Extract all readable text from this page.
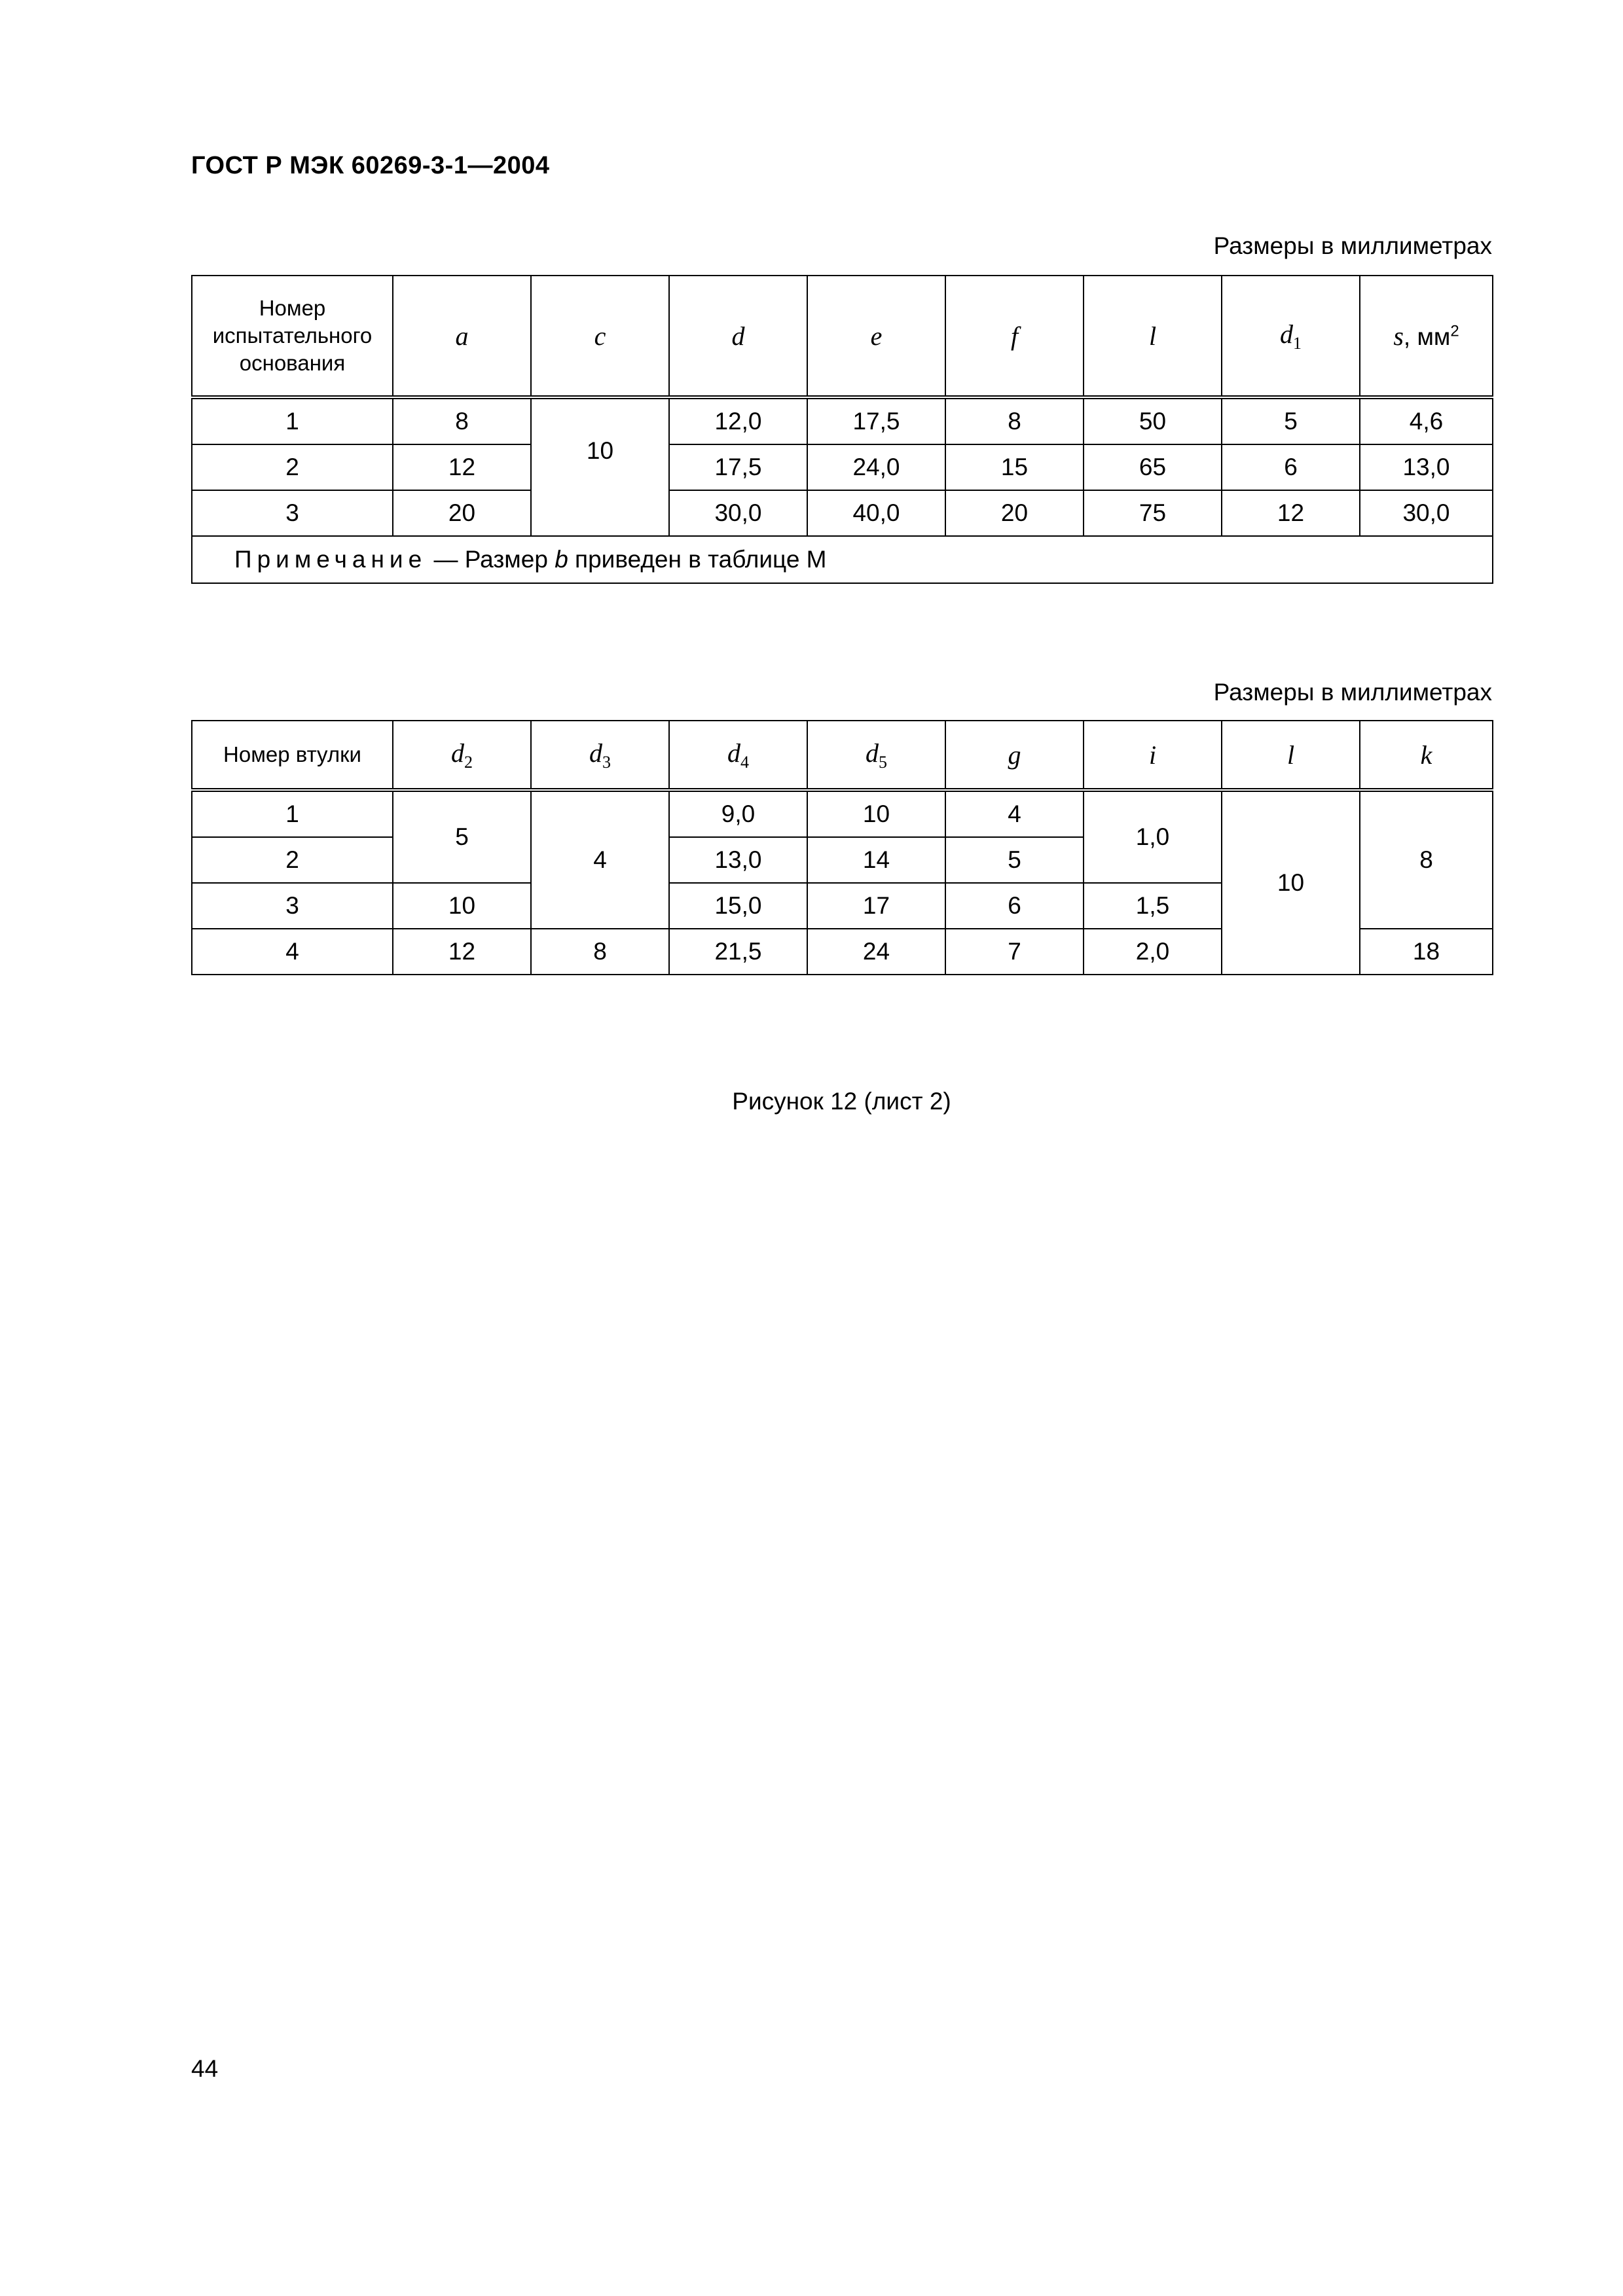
ГОСТ Р МЭК 60269-3-1—2004
Размеры в миллиметрах
Номер
испытательного
основания	a	c	d	e	f	l	$d_1$	s, $мм^2$
1	8	10	12,0	17,5	8	50	5	4,6
2	12		17,5	24,0	15	65	6	13,0
3	20		30,0	40,0	20	75	12	30,0
Примечание — Размер b приведен в таблице M								
Размеры в миллиметрах
Номер втулки	$d_2$	$d_3$	$d_4$	$d_5$	g	i	l	k
1	5	4	9,0	10	4	1,0	10	8
2			13,0	14	5			
3	10		15,0	17	6	1,5		
4	12	8	21,5	24	7	2,0		18
Рисунок 12 (лист 2)
44
